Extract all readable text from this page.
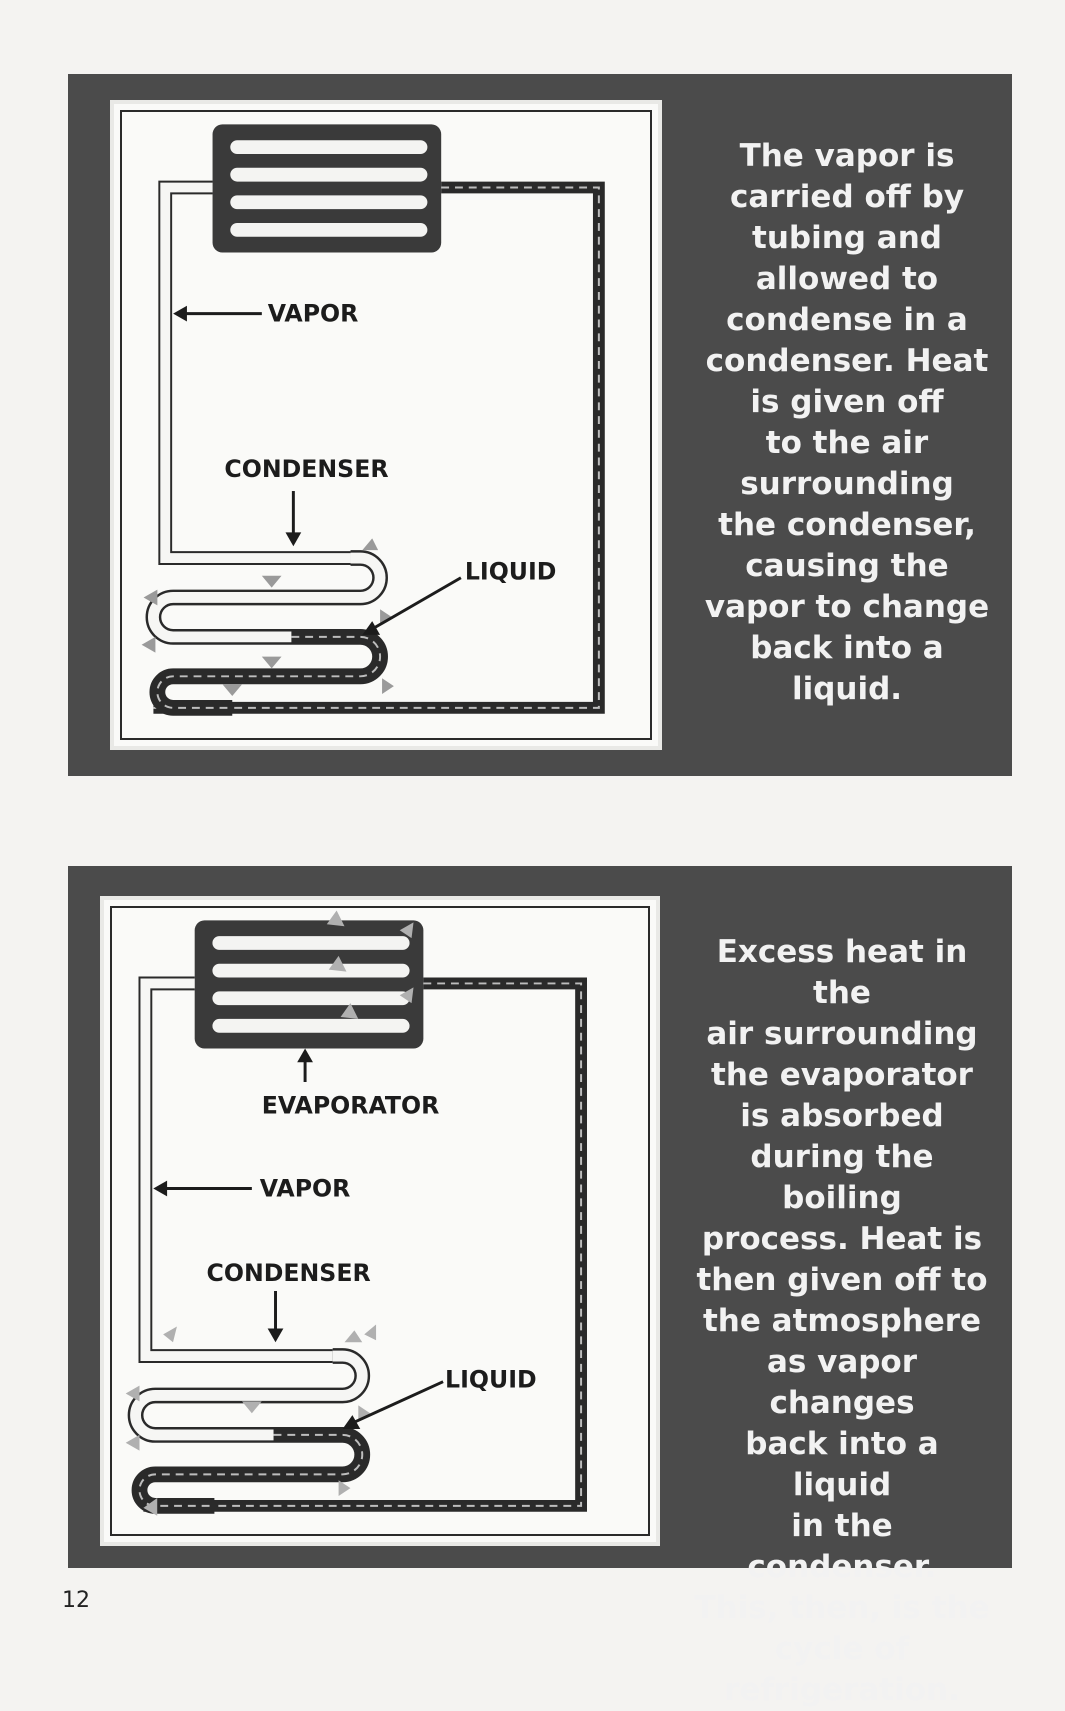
VAPOR
CONDENSER
LIQUID
The vapor is
carried off by
tubing and
allowed to
condense in a
condenser. Heat
is given off
to the air
surrounding
the condenser,
causing the
vapor to change
back into a
liquid.
EVAPORATOR
VAPOR
CONDENSER
LIQUID
Excess heat in the
air surrounding
the evaporator
is absorbed
during the boiling
process. Heat is
then given off to
the atmosphere
as vapor changes
back into a liquid
in the condenser.
This, then, is the
cycle of
refrigeration.
12
